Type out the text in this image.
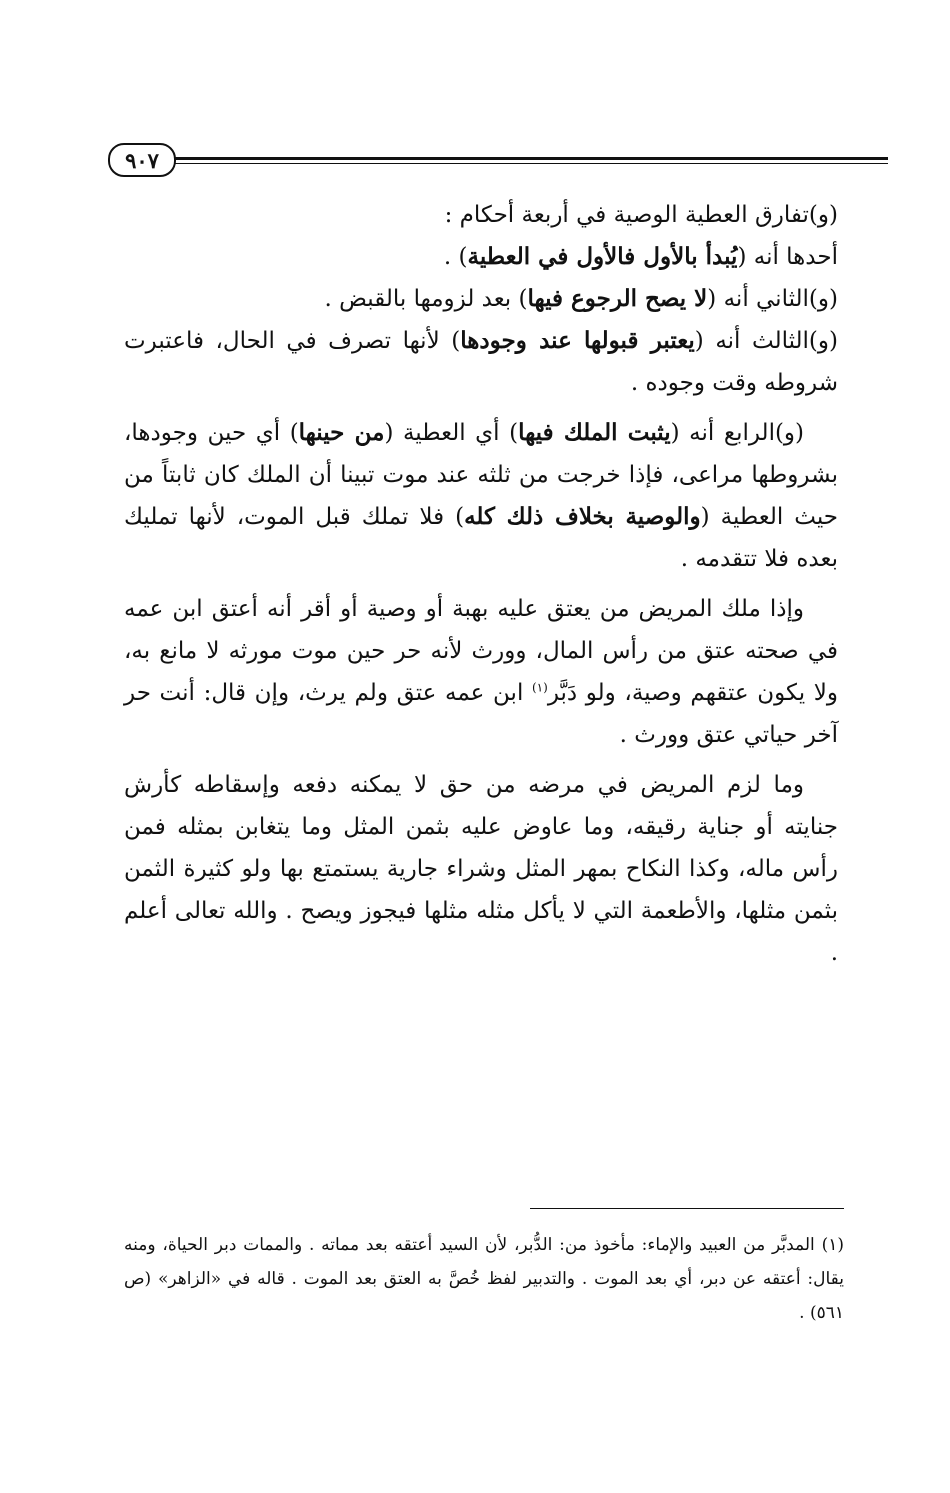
٩٠٧

(و)تفارق العطية الوصية في أربعة أحكام :

أحدها أنه (يُبدأ بالأول فالأول في العطية) .

(و)الثاني أنه (لا يصح الرجوع فيها) بعد لزومها بالقبض .

(و)الثالث أنه (يعتبر قبولها عند وجودها) لأنها تصرف في الحال، فاعتبرت شروطه وقت وجوده .

(و)الرابع أنه (يثبت الملك فيها) أي العطية (من حينها) أي حين وجودها، بشروطها مراعى، فإذا خرجت من ثلثه عند موت تبينا أن الملك كان ثابتاً من حيث العطية (والوصية بخلاف ذلك كله) فلا تملك قبل الموت، لأنها تمليك بعده فلا تتقدمه .

وإذا ملك المريض من يعتق عليه بهبة أو وصية أو أقر أنه أعتق ابن عمه في صحته عتق من رأس المال، وورث لأنه حر حين موت مورثه لا مانع به، ولا يكون عتقهم وصية، ولو دَبَّر$^{(١)}$ ابن عمه عتق ولم يرث، وإن قال: أنت حر آخر حياتي عتق وورث .

وما لزم المريض في مرضه من حق لا يمكنه دفعه وإسقاطه كأرش جنايته أو جناية رقيقه، وما عاوض عليه بثمن المثل وما يتغابن بمثله فمن رأس ماله، وكذا النكاح بمهر المثل وشراء جارية يستمتع بها ولو كثيرة الثمن بثمن مثلها، والأطعمة التي لا يأكل مثله مثلها فيجوز ويصح . والله تعالى أعلم .

(١) المدبَّر من العبيد والإماء: مأخوذ من: الدُّبر، لأن السيد أعتقه بعد مماته . والممات دبر الحياة، ومنه يقال: أعتقه عن دبر، أي بعد الموت . والتدبير لفظ خُصَّ به العتق بعد الموت . قاله في «الزاهر» (ص ٥٦١) .
